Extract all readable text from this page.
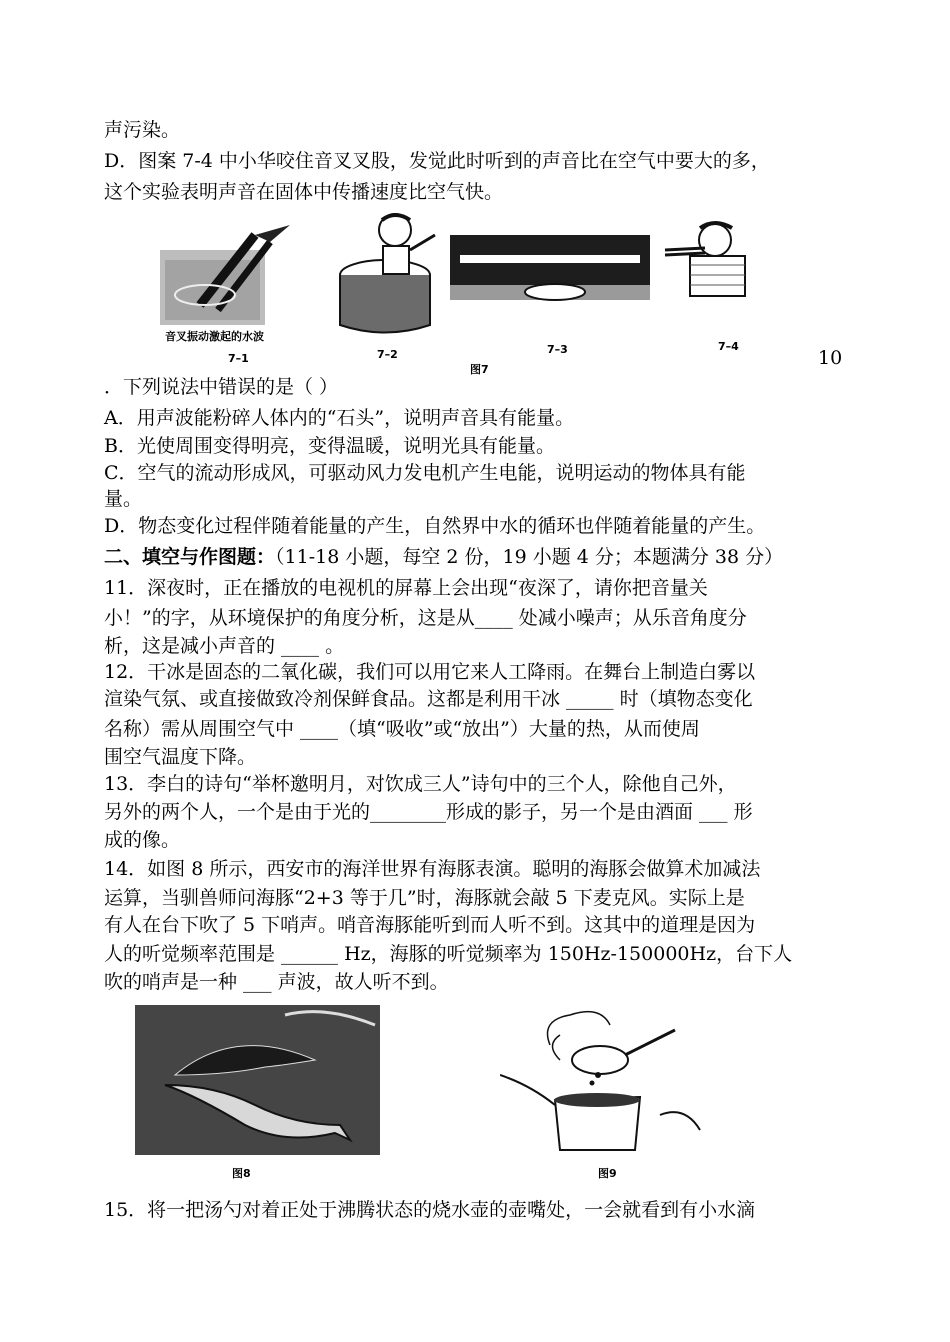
声污染。
D．图案 7-4 中小华咬住音叉叉股，发觉此时听到的声音比在空气中要大的多，
这个实验表明声音在固体中传播速度比空气快。
音叉振动激起的水波
7–1	7–2	7–3	7–4
图7
10
．下列说法中错误的是（ ）
A．用声波能粉碎人体内的“石头”，说明声音具有能量。
B．光使周围变得明亮，变得温暖，说明光具有能量。
C．空气的流动形成风，可驱动风力发电机产生电能，说明运动的物体具有能
量。
D．物态变化过程伴随着能量的产生，自然界中水的循环也伴随着能量的产生。
二、填空与作图题：（11-18 小题，每空 2 份，19 小题 4 分；本题满分 38 分）
11．深夜时，正在播放的电视机的屏幕上会出现“夜深了，请你把音量关
小！”的字，从环境保护的角度分析，这是从____ 处减小噪声；从乐音角度分
析，这是减小声音的 ____ 。
12．干冰是固态的二氧化碳，我们可以用它来人工降雨。在舞台上制造白雾以
渲染气氛、或直接做致冷剂保鲜食品。这都是利用干冰 _____ 时（填物态变化
名称）需从周围空气中 ____（填“吸收”或“放出”）大量的热，从而使周
围空气温度下降。
13．李白的诗句“举杯邀明月，对饮成三人”诗句中的三个人，除他自己外，
另外的两个人，一个是由于光的________形成的影子，另一个是由酒面 ___ 形
成的像。
14．如图 8 所示，西安市的海洋世界有海豚表演。聪明的海豚会做算术加减法
运算，当驯兽师问海豚“2+3 等于几”时，海豚就会敲 5 下麦克风。实际上是
有人在台下吹了 5 下哨声。哨音海豚能听到而人听不到。这其中的道理是因为
人的听觉频率范围是 ______ Hz，海豚的听觉频率为 150Hz-150000Hz，台下人
吹的哨声是一种 ___ 声波，故人听不到。
图8	图9
15．将一把汤勺对着正处于沸腾状态的烧水壶的壶嘴处，一会就看到有小水滴
